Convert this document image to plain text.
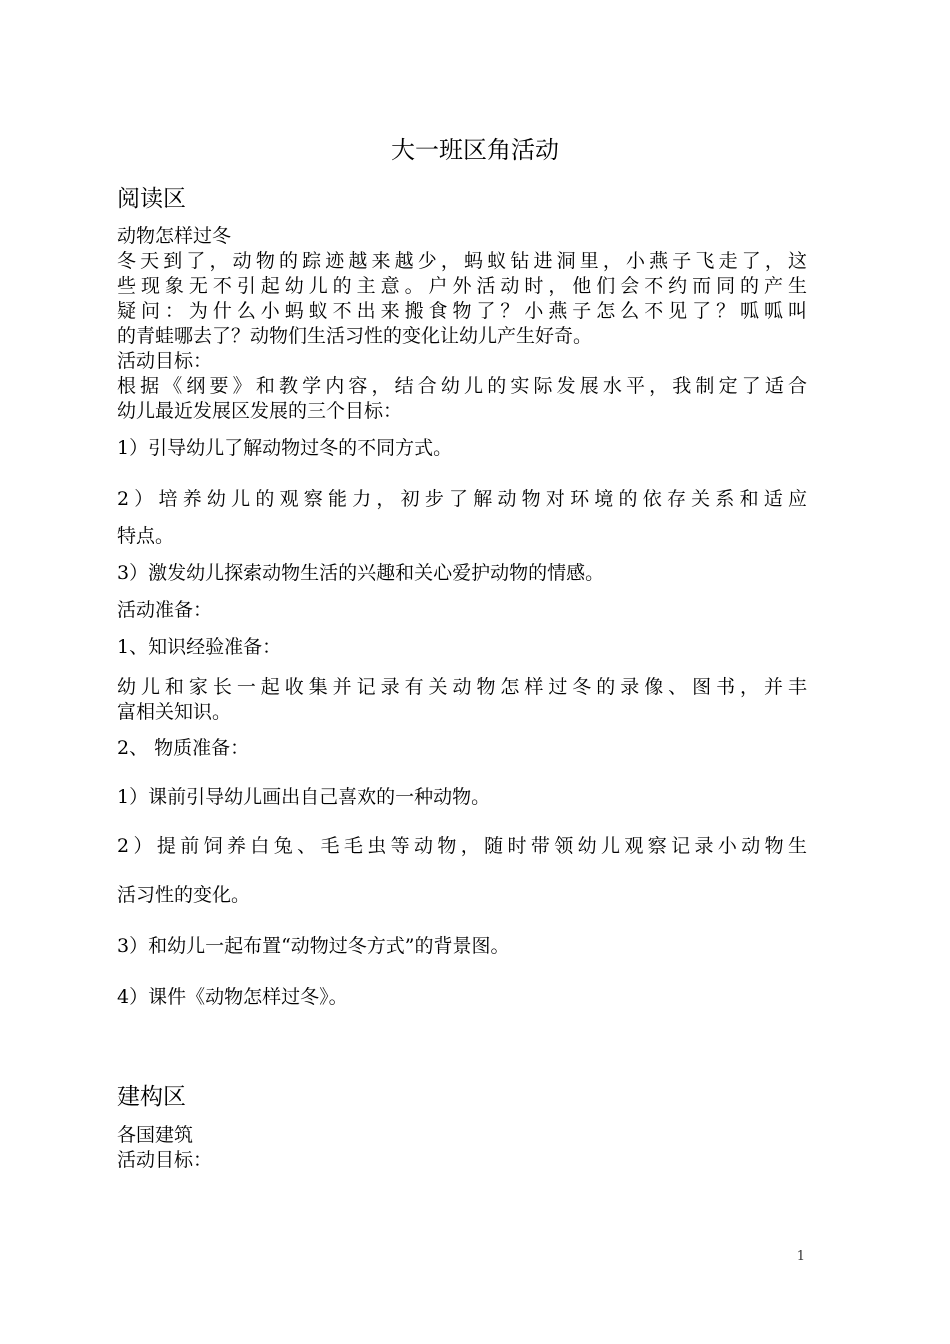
大一班区角活动
阅读区
动物怎样过冬
冬天到了，动物的踪迹越来越少，蚂蚁钻进洞里，小燕子飞走了，这
些现象无不引起幼儿的主意。户外活动时，他们会不约而同的产生
疑问：为什么小蚂蚁不出来搬食物了？小燕子怎么不见了？呱呱叫
的青蛙哪去了？动物们生活习性的变化让幼儿产生好奇。
活动目标：
根据《纲要》和教学内容，结合幼儿的实际发展水平，我制定了适合
幼儿最近发展区发展的三个目标：
1）引导幼儿了解动物过冬的不同方式。
2）培养幼儿的观察能力，初步了解动物对环境的依存关系和适应
特点。
3）激发幼儿探索动物生活的兴趣和关心爱护动物的情感。
活动准备：
1、知识经验准备：
幼儿和家长一起收集并记录有关动物怎样过冬的录像、图书，并丰
富相关知识。
2、 物质准备：
1）课前引导幼儿画出自己喜欢的一种动物。
2）提前饲养白兔、毛毛虫等动物，随时带领幼儿观察记录小动物生
活习性的变化。
3）和幼儿一起布置“动物过冬方式”的背景图。
4）课件《动物怎样过冬》。
建构区
各国建筑
活动目标：
1
